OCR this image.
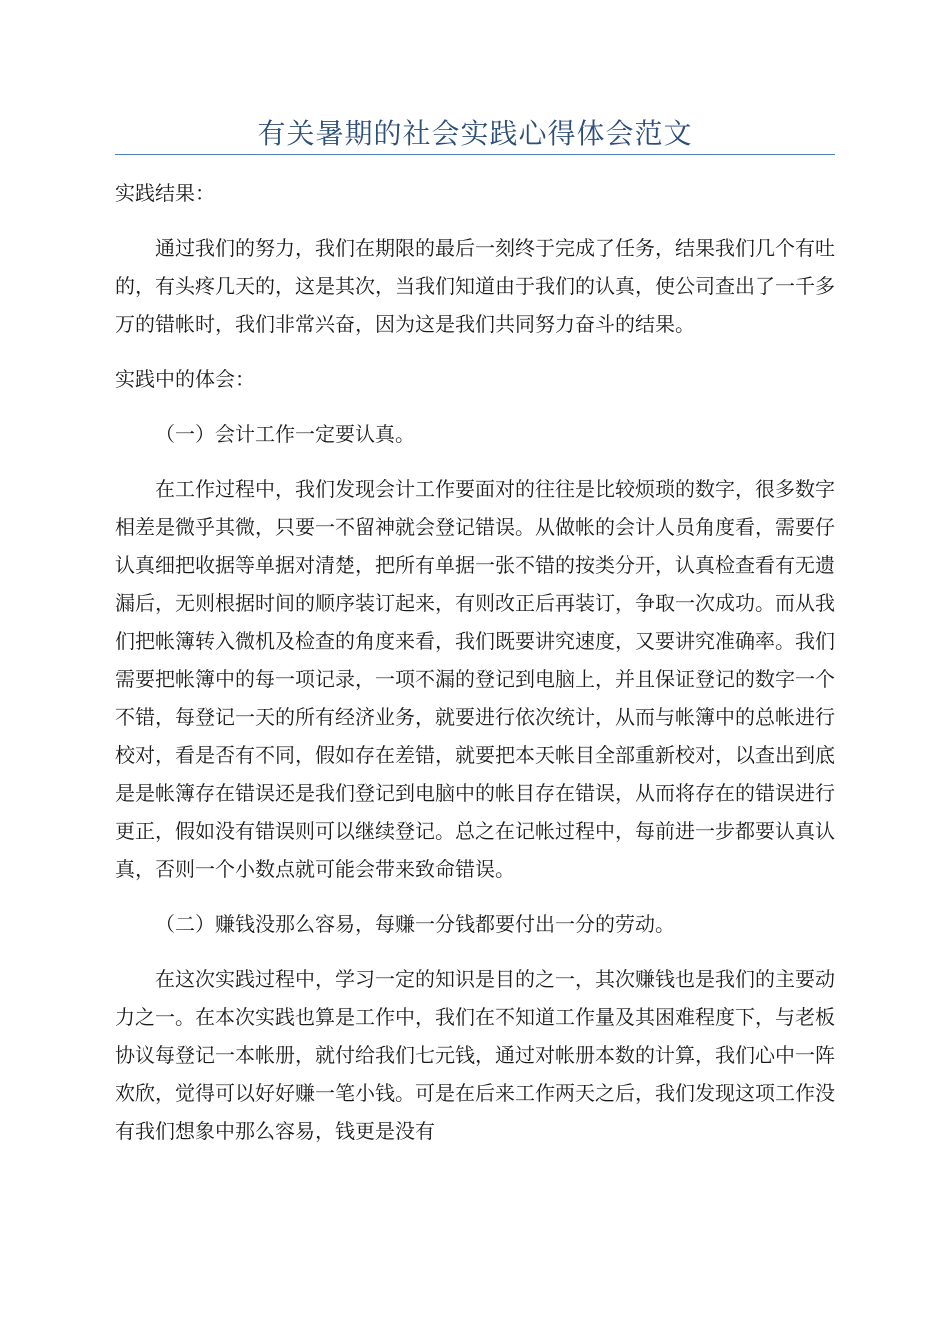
有关暑期的社会实践心得体会范文

实践结果：

通过我们的努力，我们在期限的最后一刻终于完成了任务，结果我们几个有吐的，有头疼几天的，这是其次，当我们知道由于我们的认真，使公司查出了一千多万的错帐时，我们非常兴奋，因为这是我们共同努力奋斗的结果。

实践中的体会：

（一）会计工作一定要认真。

在工作过程中，我们发现会计工作要面对的往往是比较烦琐的数字，很多数字相差是微乎其微，只要一不留神就会登记错误。从做帐的会计人员角度看，需要仔认真细把收据等单据对清楚，把所有单据一张不错的按类分开，认真检查看有无遗漏后，无则根据时间的顺序装订起来，有则改正后再装订，争取一次成功。而从我们把帐簿转入微机及检查的角度来看，我们既要讲究速度，又要讲究准确率。我们需要把帐簿中的每一项记录，一项不漏的登记到电脑上，并且保证登记的数字一个不错，每登记一天的所有经济业务，就要进行依次统计，从而与帐簿中的总帐进行校对，看是否有不同，假如存在差错，就要把本天帐目全部重新校对，以查出到底是是帐簿存在错误还是我们登记到电脑中的帐目存在错误，从而将存在的错误进行更正，假如没有错误则可以继续登记。总之在记帐过程中，每前进一步都要认真认真，否则一个小数点就可能会带来致命错误。

（二）赚钱没那么容易，每赚一分钱都要付出一分的劳动。

在这次实践过程中，学习一定的知识是目的之一，其次赚钱也是我们的主要动力之一。在本次实践也算是工作中，我们在不知道工作量及其困难程度下，与老板协议每登记一本帐册，就付给我们七元钱，通过对帐册本数的计算，我们心中一阵欢欣，觉得可以好好赚一笔小钱。可是在后来工作两天之后，我们发现这项工作没有我们想象中那么容易，钱更是没有
